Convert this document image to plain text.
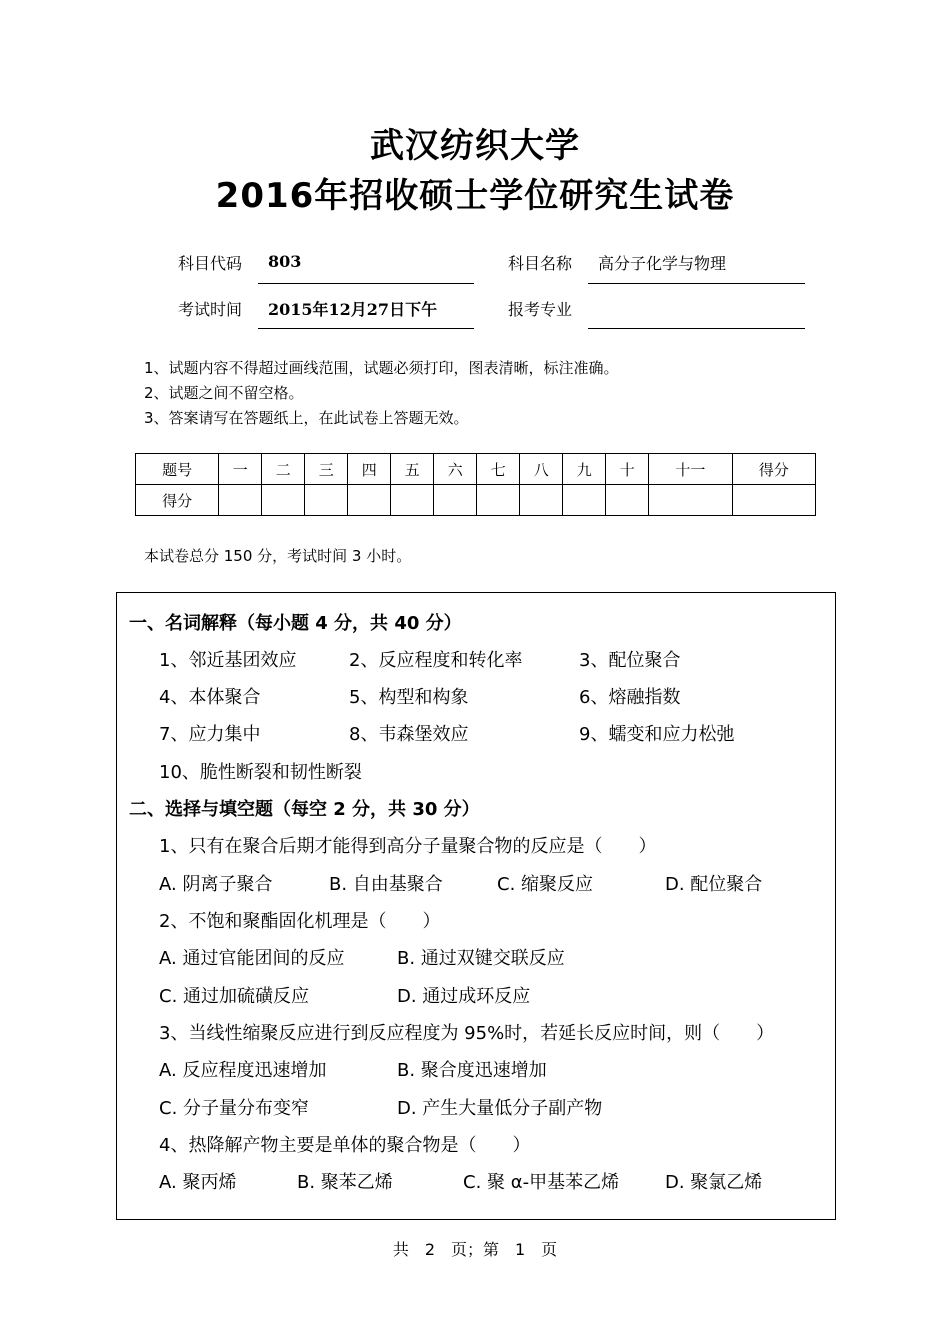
武汉纺织大学
2016年招收硕士学位研究生试卷
科目代码 803	科目名称 高分子化学与物理
考试时间 2015年12月27日下午	报考专业
1、试题内容不得超过画线范围，试题必须打印，图表清晰，标注准确。
2、试题之间不留空格。
3、答案请写在答题纸上，在此试卷上答题无效。
题号	一	二	三	四	五	六	七	八	九	十	十一	得分
得分												
本试卷总分 150 分，考试时间 3 小时。
一、名词解释（每小题 4 分，共 40 分）
1、邻近基团效应	2、反应程度和转化率	3、配位聚合
4、本体聚合	5、构型和构象	6、熔融指数
7、应力集中	8、韦森堡效应	9、蠕变和应力松弛
10、脆性断裂和韧性断裂
二、选择与填空题（每空 2 分，共 30 分）
1、只有在聚合后期才能得到高分子量聚合物的反应是（　　）
A. 阴离子聚合	B. 自由基聚合	C. 缩聚反应	D. 配位聚合
2、不饱和聚酯固化机理是（　　）
A. 通过官能团间的反应	B. 通过双键交联反应
C. 通过加硫磺反应	D. 通过成环反应
3、当线性缩聚反应进行到反应程度为 95%时，若延长反应时间，则（　　）
A. 反应程度迅速增加	B. 聚合度迅速增加
C. 分子量分布变窄	D. 产生大量低分子副产物
4、热降解产物主要是单体的聚合物是（　　）
A. 聚丙烯	B. 聚苯乙烯	C. 聚 α-甲基苯乙烯	D. 聚氯乙烯
共　2　页；第　1　页
